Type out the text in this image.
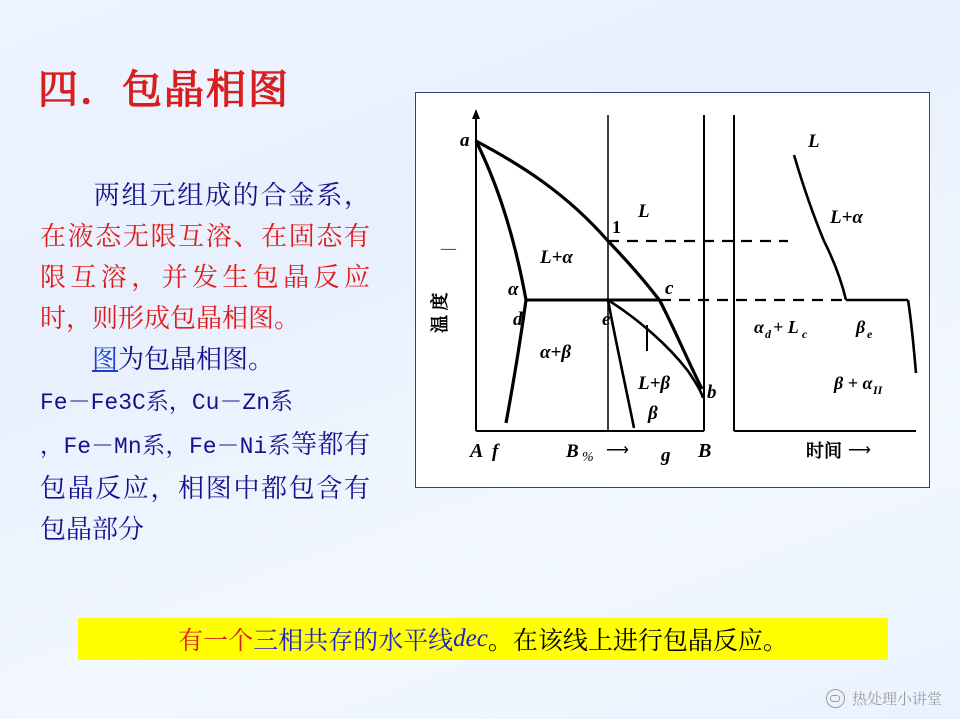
四．包晶相图
两组元组成的合金系，在液态无限互溶、在固态有限互溶，并发生包晶反应时，则形成包晶相图。
图为包晶相图。
Fe－Fe3C系，Cu－Zn系
，Fe－Mn系，Fe－Ni系等都有包晶反应，相图中都包含有包晶部分
a
α
d	e
c
b
1
L
L+α
α+β
L+β
β
温 度
—
A f	B % ⟶ g B
L
L+α
α d + L c	β e
β + α II
时间 ⟶
有一个 三相共存的水平线 dec 。在该线上进行包晶反应。
热处理小讲堂
